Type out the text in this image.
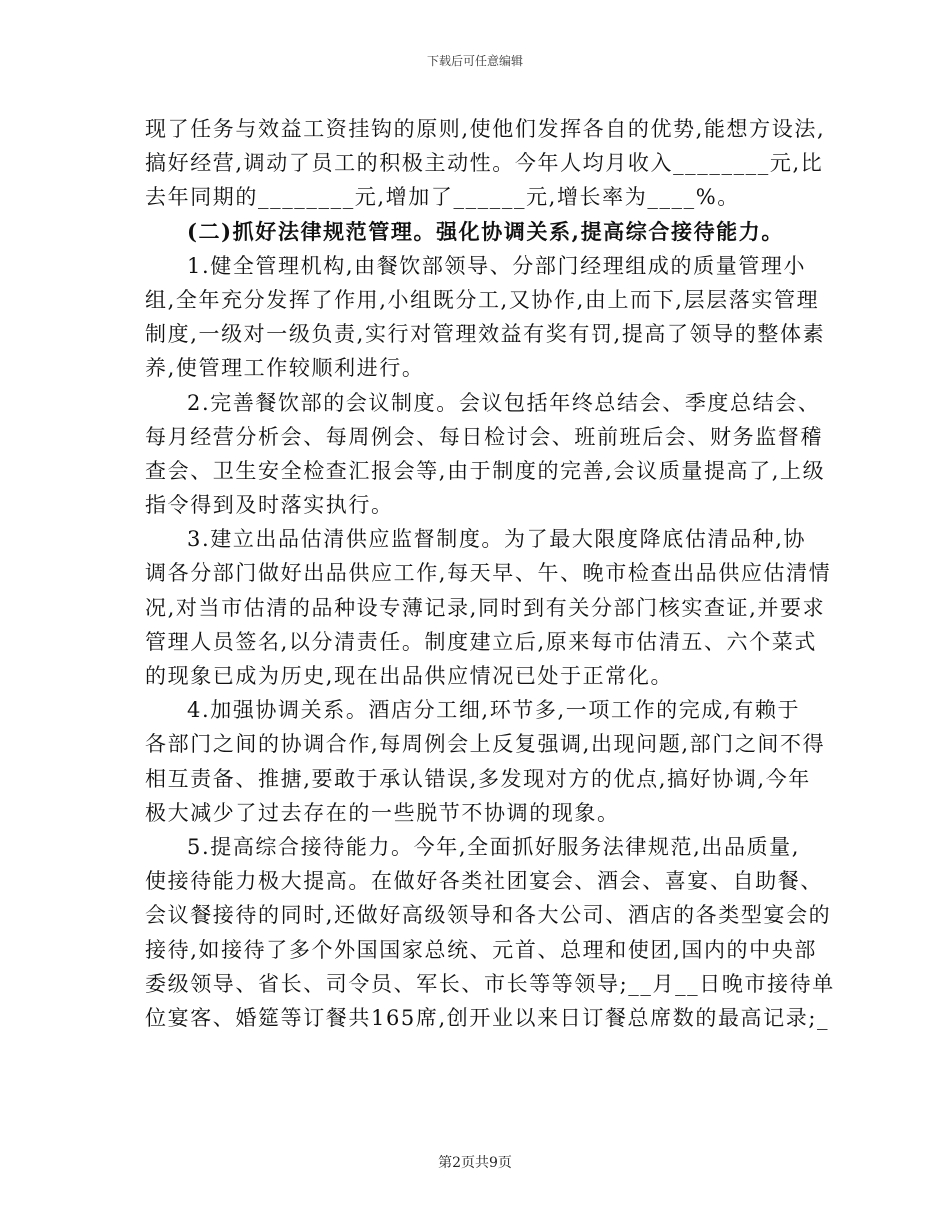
下载后可任意编辑
现了任务与效益工资挂钩的原则,使他们发挥各自的优势,能想方设法,
搞好经营,调动了员工的积极主动性。今年人均月收入________元,比
去年同期的________元,增加了______元,增长率为____%。
(二)抓好法律规范管理。强化协调关系,提高综合接待能力。
1.健全管理机构,由餐饮部领导、分部门经理组成的质量管理小
组,全年充分发挥了作用,小组既分工,又协作,由上而下,层层落实管理
制度,一级对一级负责,实行对管理效益有奖有罚,提高了领导的整体素
养,使管理工作较顺利进行。
2.完善餐饮部的会议制度。会议包括年终总结会、季度总结会、
每月经营分析会、每周例会、每日检讨会、班前班后会、财务监督稽
查会、卫生安全检查汇报会等,由于制度的完善,会议质量提高了,上级
指令得到及时落实执行。
3.建立出品估清供应监督制度。为了最大限度降底估清品种,协
调各分部门做好出品供应工作,每天早、午、晚市检查出品供应估清情
况,对当市估清的品种设专薄记录,同时到有关分部门核实查证,并要求
管理人员签名,以分清责任。制度建立后,原来每市估清五、六个菜式
的现象已成为历史,现在出品供应情况已处于正常化。
4.加强协调关系。酒店分工细,环节多,一项工作的完成,有赖于
各部门之间的协调合作,每周例会上反复强调,出现问题,部门之间不得
相互责备、推搪,要敢于承认错误,多发现对方的优点,搞好协调,今年
极大减少了过去存在的一些脱节不协调的现象。
5.提高综合接待能力。今年,全面抓好服务法律规范,出品质量,
使接待能力极大提高。在做好各类社团宴会、酒会、喜宴、自助餐、
会议餐接待的同时,还做好高级领导和各大公司、酒店的各类型宴会的
接待,如接待了多个外国国家总统、元首、总理和使团,国内的中央部
委级领导、省长、司令员、军长、市长等等领导;__月__日晚市接待单
位宴客、婚筵等订餐共165席,创开业以来日订餐总席数的最高记录;_
第2页共9页
